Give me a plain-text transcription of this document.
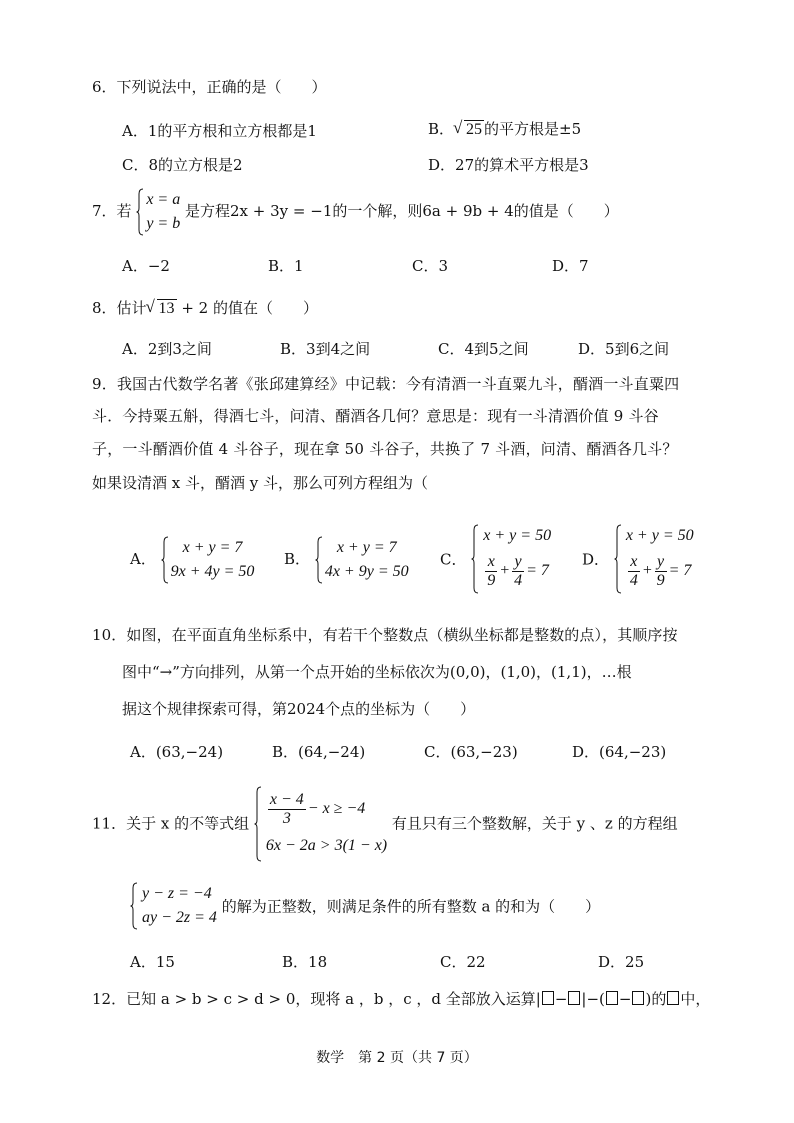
6．下列说法中，正确的是（　　）
A．1的平方根和立方根都是1	B． √ 25 的平方根是±5
C．8的立方根是2	D．27的算术平方根是3
7．若
x = a
y = b
是方程2x + 3y = −1的一个解，则6a + 9b + 4的值是（　　）
A．−2	B．1	C．3	D．7
8．估计 √ 13 + 2 的值在（　　）
A．2到3之间	B．3到4之间	C．4到5之间	D．5到6之间
9．我国古代数学名著《张邱建算经》中记载：今有清酒一斗直粟九斗，醑酒一斗直粟四
斗．今持粟五斛，得酒七斗，问清、醑酒各几何？意思是：现有一斗清酒价值 9 斗谷
子，一斗醑酒价值 4 斗谷子，现在拿 50 斗谷子，共换了 7 斗酒，问清、醑酒各几斗？
如果设清酒 x 斗，醑酒 y 斗，那么可列方程组为（
A．
x + y = 7
9x + 4y = 50
B．
x + y = 7
4x + 9y = 50
C．
x + y = 50
$\frac{x}{9} + \frac{y}{4} = 7$
D．
x + y = 50
$\frac{x}{4} + \frac{y}{9} = 7$
10．如图，在平面直角坐标系中，有若干个整数点（横纵坐标都是整数的点），其顺序按
图中“→”方向排列，从第一个点开始的坐标依次为(0,0)，(1,0)，(1,1)，…根
据这个规律探索可得，第2024个点的坐标为（　　）
A．(63,−24)	B．(64,−24)	C．(63,−23)	D．(64,−23)
11．关于 x 的不等式组 $\frac{x - 4}{3} - x \ge -4$
6x − 2a > 3(1 − x)
有且只有三个整数解，关于 y 、z 的方程组
y − z = −4
ay − 2z = 4
的解为正整数，则满足条件的所有整数 a 的和为（　　）
A．15	B．18	C．22	D．25
12．已知 a > b > c > d > 0，现将 a ，b ，c ，d 全部放入运算| − |−( − )的 中，
数学　第 2 页（共 7 页）
